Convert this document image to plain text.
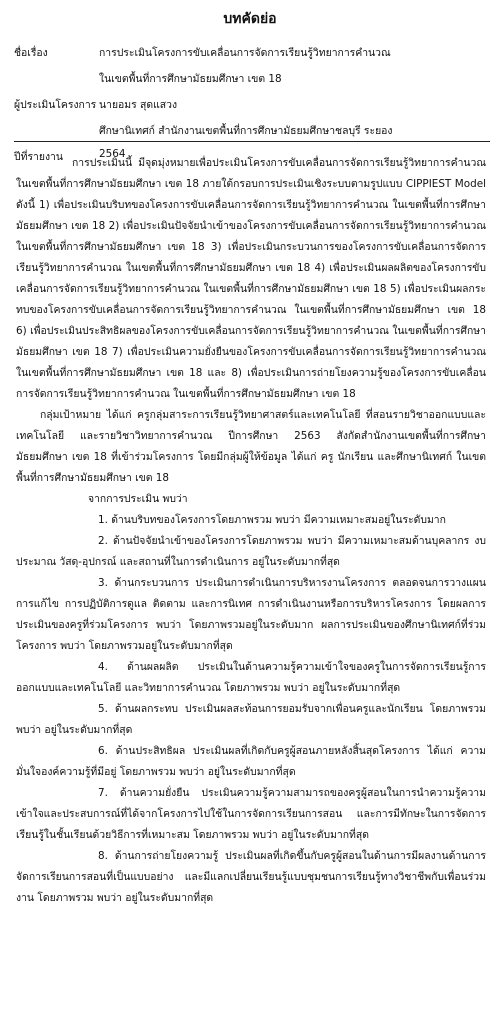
บทคัดย่อ
ชื่อเรื่อง	การประเมินโครงการขับเคลื่อนการจัดการเรียนรู้วิทยาการคำนวณ
ในเขตพื้นที่การศึกษามัธยมศึกษา เขต 18
ผู้ประเมินโครงการ นายอมร สุดแสวง
ศึกษานิเทศก์ สำนักงานเขตพื้นที่การศึกษามัธยมศึกษาชลบุรี ระยอง
ปีที่รายงาน	2564

การประเมินนี้ มีจุดมุ่งหมายเพื่อประเมินโครงการขับเคลื่อนการจัดการเรียนรู้วิทยาการคำนวณ ในเขตพื้นที่การศึกษามัธยมศึกษา เขต 18 ภายใต้กรอบการประเมินเชิงระบบตามรูปแบบ CIPPIEST Model ดังนี้ 1) เพื่อประเมินบริบทของโครงการขับเคลื่อนการจัดการเรียนรู้วิทยาการคำนวณ ในเขตพื้นที่การศึกษามัธยมศึกษา เขต 18 2) เพื่อประเมินปัจจัยนำเข้าของโครงการขับเคลื่อนการจัดการเรียนรู้วิทยาการคำนวณ ในเขตพื้นที่การศึกษามัธยมศึกษา เขต 18 3) เพื่อประเมินกระบวนการของโครงการขับเคลื่อนการจัดการเรียนรู้วิทยาการคำนวณ ในเขตพื้นที่การศึกษามัธยมศึกษา เขต 18 4) เพื่อประเมินผลผลิตของโครงการขับเคลื่อนการจัดการเรียนรู้วิทยาการคำนวณ ในเขตพื้นที่การศึกษามัธยมศึกษา เขต 18 5) เพื่อประเมินผลกระทบของโครงการขับเคลื่อนการจัดการเรียนรู้วิทยาการคำนวณ ในเขตพื้นที่การศึกษามัธยมศึกษา เขต 18 6) เพื่อประเมินประสิทธิผลของโครงการขับเคลื่อนการจัดการเรียนรู้วิทยาการคำนวณ ในเขตพื้นที่การศึกษามัธยมศึกษา เขต 18 7) เพื่อประเมินความยั่งยืนของโครงการขับเคลื่อนการจัดการเรียนรู้วิทยาการคำนวณ ในเขตพื้นที่การศึกษามัธยมศึกษา เขต 18 และ 8) เพื่อประเมินการถ่ายโยงความรู้ของโครงการขับเคลื่อนการจัดการเรียนรู้วิทยาการคำนวณ ในเขตพื้นที่การศึกษามัธยมศึกษา เขต 18

กลุ่มเป้าหมาย ได้แก่ ครูกลุ่มสาระการเรียนรู้วิทยาศาสตร์และเทคโนโลยี ที่สอนรายวิชาออกแบบและเทคโนโลยี และรายวิชาวิทยาการคำนวณ ปีการศึกษา 2563 สังกัดสำนักงานเขตพื้นที่การศึกษามัธยมศึกษา เขต 18 ที่เข้าร่วมโครงการ โดยมีกลุ่มผู้ให้ข้อมูล ได้แก่ ครู นักเรียน และศึกษานิเทศก์ ในเขตพื้นที่การศึกษามัธยมศึกษา เขต 18

จากการประเมิน พบว่า

1. ด้านบริบทของโครงการโดยภาพรวม พบว่า มีความเหมาะสมอยู่ในระดับมาก

2. ด้านปัจจัยนำเข้าของโครงการโดยภาพรวม พบว่า มีความเหมาะสมด้านบุคลากร งบประมาณ วัสดุ-อุปกรณ์ และสถานที่ในการดำเนินการ อยู่ในระดับมากที่สุด

3. ด้านกระบวนการ ประเมินการดำเนินการบริหารงานโครงการ ตลอดจนการวางแผน การแก้ไข การปฏิบัติการดูแล ติดตาม และการนิเทศ การดำเนินงานหรือการบริหารโครงการ โดยผลการประเมินของครูที่ร่วมโครงการ พบว่า โดยภาพรวมอยู่ในระดับมาก ผลการประเมินของศึกษานิเทศก์ที่ร่วมโครงการ พบว่า โดยภาพรวมอยู่ในระดับมากที่สุด

4. ด้านผลผลิต ประเมินในด้านความรู้ความเข้าใจของครูในการจัดการเรียนรู้การออกแบบและเทคโนโลยี และวิทยาการคำนวณ โดยภาพรวม พบว่า อยู่ในระดับมากที่สุด

5. ด้านผลกระทบ ประเมินผลสะท้อนการยอมรับจากเพื่อนครูและนักเรียน โดยภาพรวม พบว่า อยู่ในระดับมากที่สุด

6. ด้านประสิทธิผล ประเมินผลที่เกิดกับครูผู้สอนภายหลังสิ้นสุดโครงการ ได้แก่ ความมั่นใจองค์ความรู้ที่มีอยู่ โดยภาพรวม พบว่า อยู่ในระดับมากที่สุด

7. ด้านความยั่งยืน ประเมินความรู้ความสามารถของครูผู้สอนในการนำความรู้ความเข้าใจและประสบการณ์ที่ได้จากโครงการไปใช้ในการจัดการเรียนการสอน และการมีทักษะในการจัดการเรียนรู้ในชั้นเรียนด้วยวิธีการที่เหมาะสม โดยภาพรวม พบว่า อยู่ในระดับมากที่สุด

8. ด้านการถ่ายโยงความรู้ ประเมินผลที่เกิดขึ้นกับครูผู้สอนในด้านการมีผลงานด้านการจัดการเรียนการสอนที่เป็นแบบอย่าง และมีแลกเปลี่ยนเรียนรู้แบบชุมชนการเรียนรู้ทางวิชาชีพกับเพื่อนร่วมงาน โดยภาพรวม พบว่า อยู่ในระดับมากที่สุด
